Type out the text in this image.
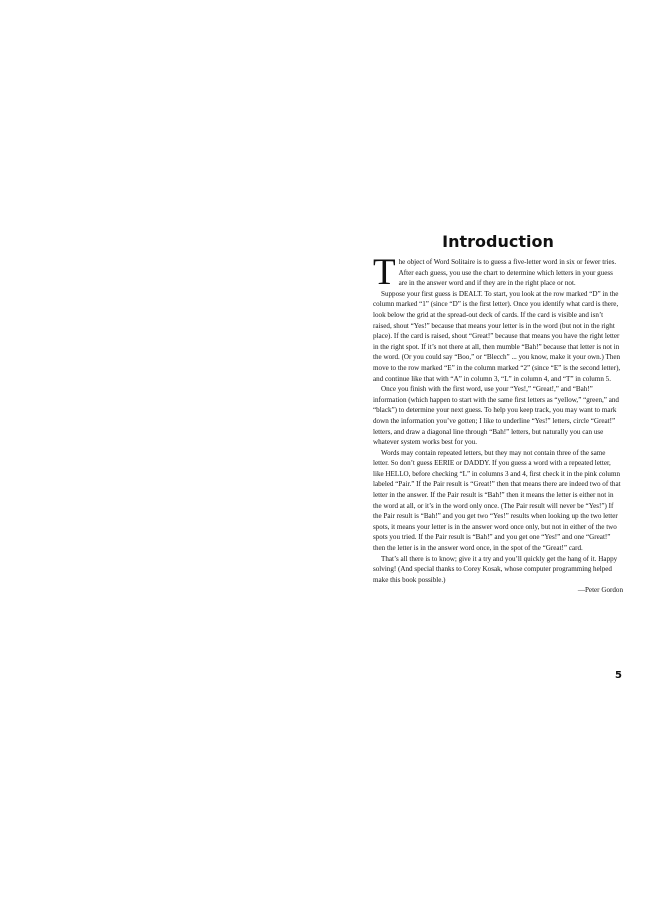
Introduction

The object of Word Solitaire is to guess a five-letter word in six or fewer tries. After each guess, you use the chart to determine which letters in your guess are in the answer word and if they are in the right place or not.

Suppose your first guess is DEALT. To start, you look at the row marked “D” in the column marked “1” (since “D” is the first letter). Once you identify what card is there, look below the grid at the spread-out deck of cards. If the card is visible and isn’t raised, shout “Yes!” because that means your letter is in the word (but not in the right place). If the card is raised, shout “Great!” because that means you have the right letter in the right spot. If it’s not there at all, then mumble “Bah!” because that letter is not in the word. (Or you could say “Boo,” or “Blecch” ... you know, make it your own.) Then move to the row marked “E” in the column marked “2” (since “E” is the second letter), and continue like that with “A” in column 3, “L” in column 4, and “T” in column 5.

Once you finish with the first word, use your “Yes!,” “Great!,” and “Bah!” information (which happen to start with the same first letters as “yellow,” “green,” and “black”) to determine your next guess. To help you keep track, you may want to mark down the information you’ve gotten; I like to underline “Yes!” letters, circle “Great!” letters, and draw a diagonal line through “Bah!” letters, but naturally you can use whatever system works best for you.

Words may contain repeated letters, but they may not contain three of the same letter. So don’t guess EERIE or DADDY. If you guess a word with a repeated letter, like HELLO, before checking “L” in columns 3 and 4, first check it in the pink column labeled “Pair.” If the Pair result is “Great!” then that means there are indeed two of that letter in the answer. If the Pair result is “Bah!” then it means the letter is either not in the word at all, or it’s in the word only once. (The Pair result will never be “Yes!”) If the Pair result is “Bah!” and you get two “Yes!” results when looking up the two letter spots, it means your letter is in the answer word once only, but not in either of the two spots you tried. If the Pair result is “Bah!” and you get one “Yes!” and one “Great!” then the letter is in the answer word once, in the spot of the “Great!” card.

That’s all there is to know; give it a try and you’ll quickly get the hang of it. Happy solving! (And special thanks to Corey Kosak, whose computer programming helped make this book possible.)

—Peter Gordon

5
